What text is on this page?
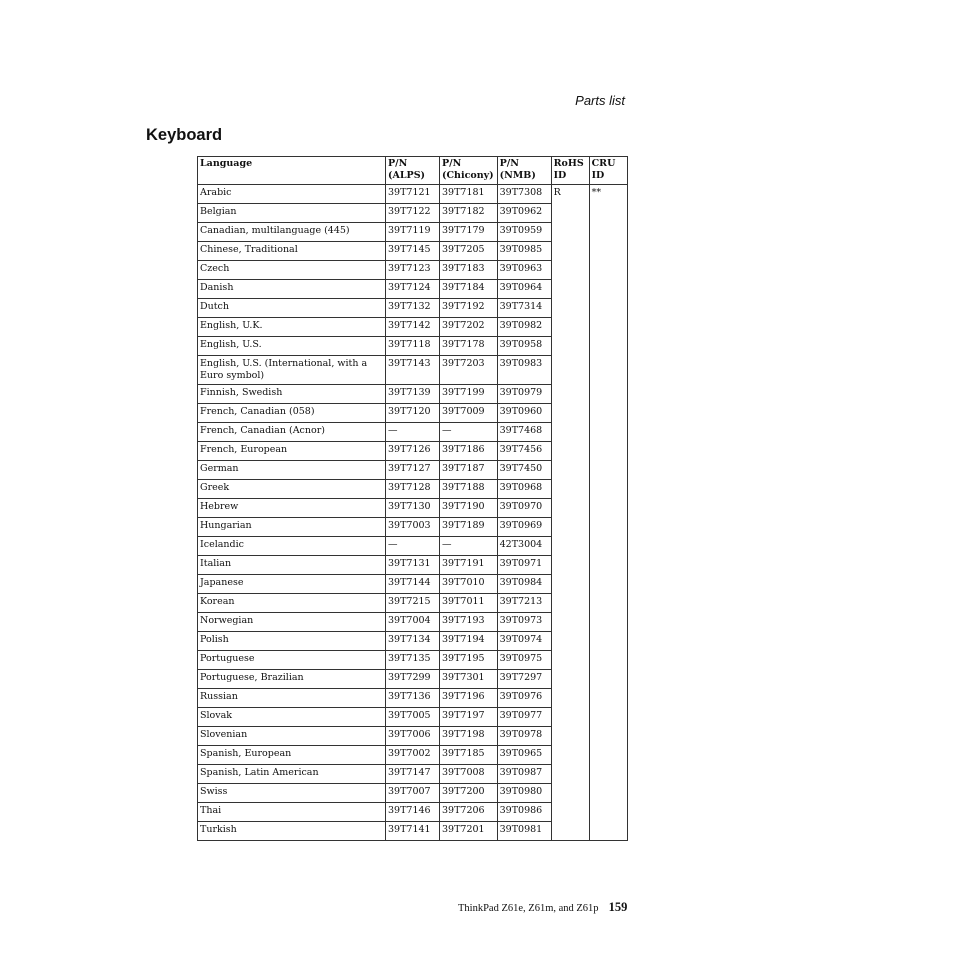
Parts list
Keyboard
Language	P/N (ALPS)	P/N (Chicony)	P/N (NMB)	RoHS ID	CRU ID
Arabic	39T7121	39T7181	39T7308	R	**
Belgian	39T7122	39T7182	39T0962		
Canadian, multilanguage (445)	39T7119	39T7179	39T0959		
Chinese, Traditional	39T7145	39T7205	39T0985		
Czech	39T7123	39T7183	39T0963		
Danish	39T7124	39T7184	39T0964		
Dutch	39T7132	39T7192	39T7314		
English, U.K.	39T7142	39T7202	39T0982		
English, U.S.	39T7118	39T7178	39T0958		
English, U.S. (International, with a Euro symbol)	39T7143	39T7203	39T0983		
Finnish, Swedish	39T7139	39T7199	39T0979		
French, Canadian (058)	39T7120	39T7009	39T0960		
French, Canadian (Acnor)	—	—	39T7468		
French, European	39T7126	39T7186	39T7456		
German	39T7127	39T7187	39T7450		
Greek	39T7128	39T7188	39T0968		
Hebrew	39T7130	39T7190	39T0970		
Hungarian	39T7003	39T7189	39T0969		
Icelandic	—	—	42T3004		
Italian	39T7131	39T7191	39T0971		
Japanese	39T7144	39T7010	39T0984		
Korean	39T7215	39T7011	39T7213		
Norwegian	39T7004	39T7193	39T0973		
Polish	39T7134	39T7194	39T0974		
Portuguese	39T7135	39T7195	39T0975		
Portuguese, Brazilian	39T7299	39T7301	39T7297		
Russian	39T7136	39T7196	39T0976		
Slovak	39T7005	39T7197	39T0977		
Slovenian	39T7006	39T7198	39T0978		
Spanish, European	39T7002	39T7185	39T0965		
Spanish, Latin American	39T7147	39T7008	39T0987		
Swiss	39T7007	39T7200	39T0980		
Thai	39T7146	39T7206	39T0986		
Turkish	39T7141	39T7201	39T0981		
ThinkPad Z61e, Z61m, and Z61p 159
